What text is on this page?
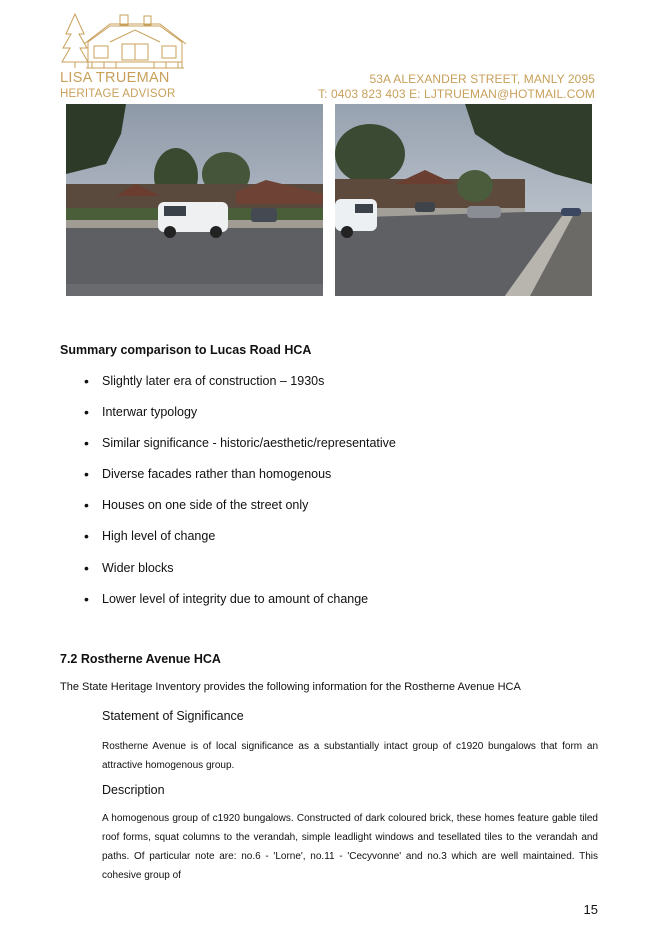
LISA TRUEMAN
HERITAGE ADVISOR
53A ALEXANDER STREET, MANLY 2095
T: 0403 823 403 E: LJTRUEMAN@HOTMAIL.COM
Summary comparison to Lucas Road HCA
• Slightly later era of construction – 1930s
• Interwar typology
• Similar significance - historic/aesthetic/representative
• Diverse facades rather than homogenous
• Houses on one side of the street only
• High level of change
• Wider blocks
• Lower level of integrity due to amount of change
7.2 Rostherne Avenue HCA

The State Heritage Inventory provides the following information for the Rostherne Avenue HCA

Statement of Significance

Rostherne Avenue is of local significance as a substantially intact group of c1920 bungalows that form an attractive homogenous group.

Description

A homogenous group of c1920 bungalows. Constructed of dark coloured brick, these homes feature gable tiled roof forms, squat columns to the verandah, simple leadlight windows and tesellated tiles to the verandah and paths. Of particular note are: no.6 - 'Lorne', no.11 - 'Cecyvonne' and no.3 which are well maintained. This cohesive group of

15
